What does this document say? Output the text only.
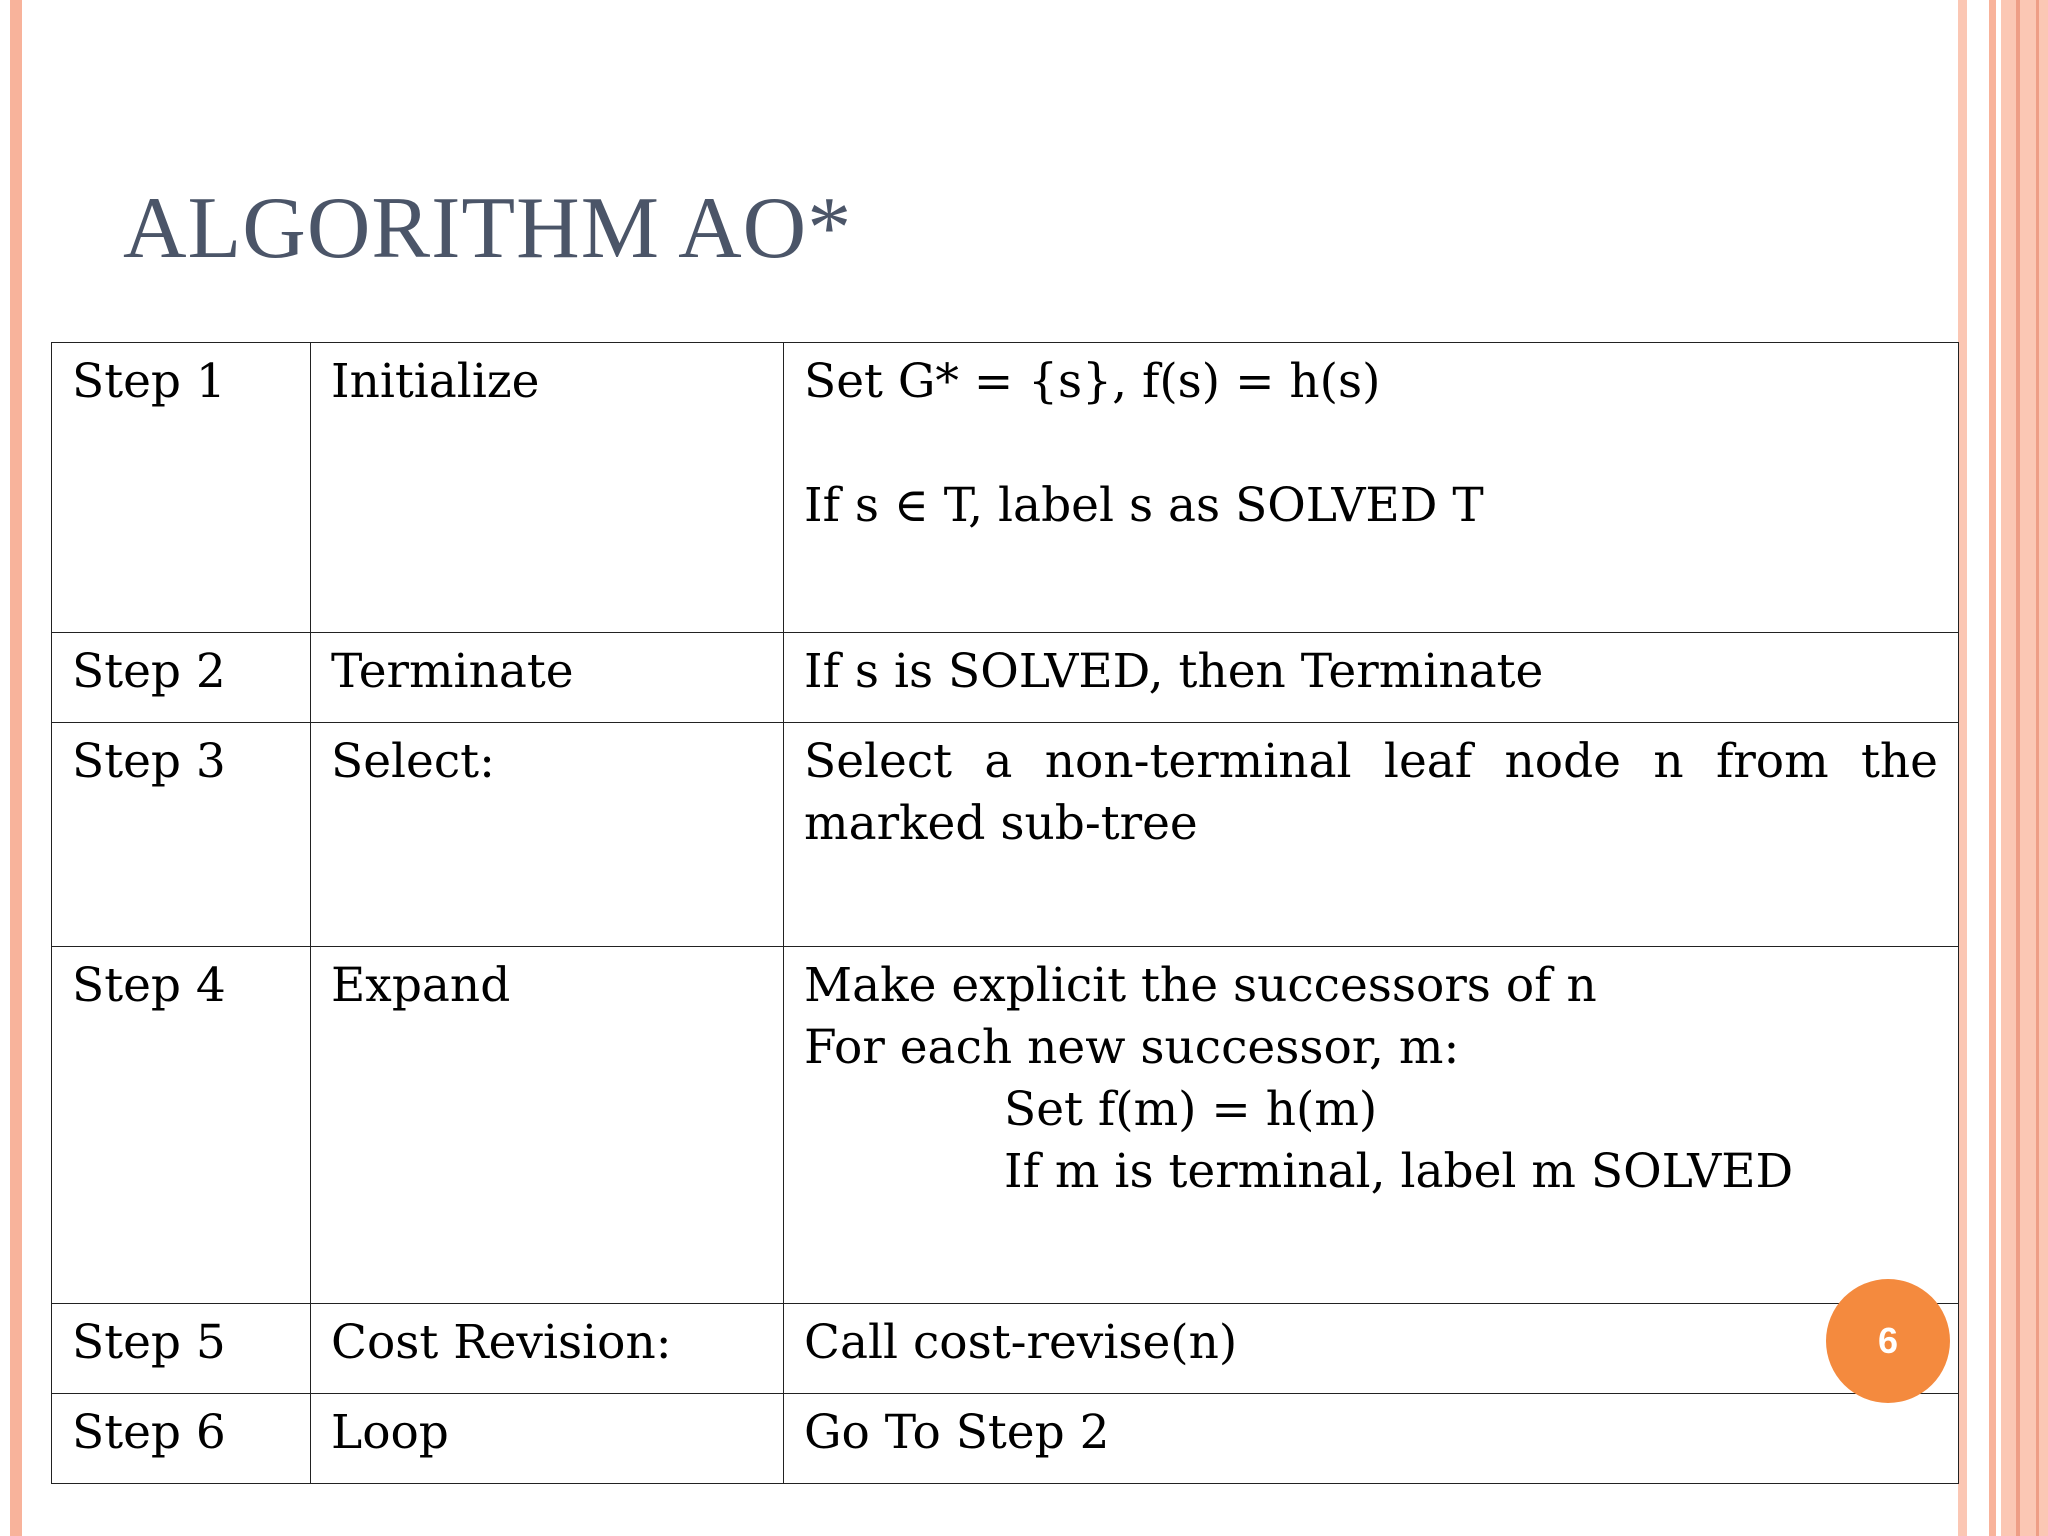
ALGORITHM AO*
Step 1	Initialize	Set G* = {s}, f(s) = h(s)
If s ∈ T, label s as SOLVED T

Step 2	Terminate	If s is SOLVED, then Terminate

Step 3	Select:	Select a non-terminal leaf node n from the marked sub-tree

Step 4	Expand	Make explicit the successors of n
For each new successor, m:
Set f(m) = h(m)
If m is terminal, label m SOLVED

Step 5	Cost Revision:	Call cost-revise(n)

Step 6	Loop	Go To Step 2
6
